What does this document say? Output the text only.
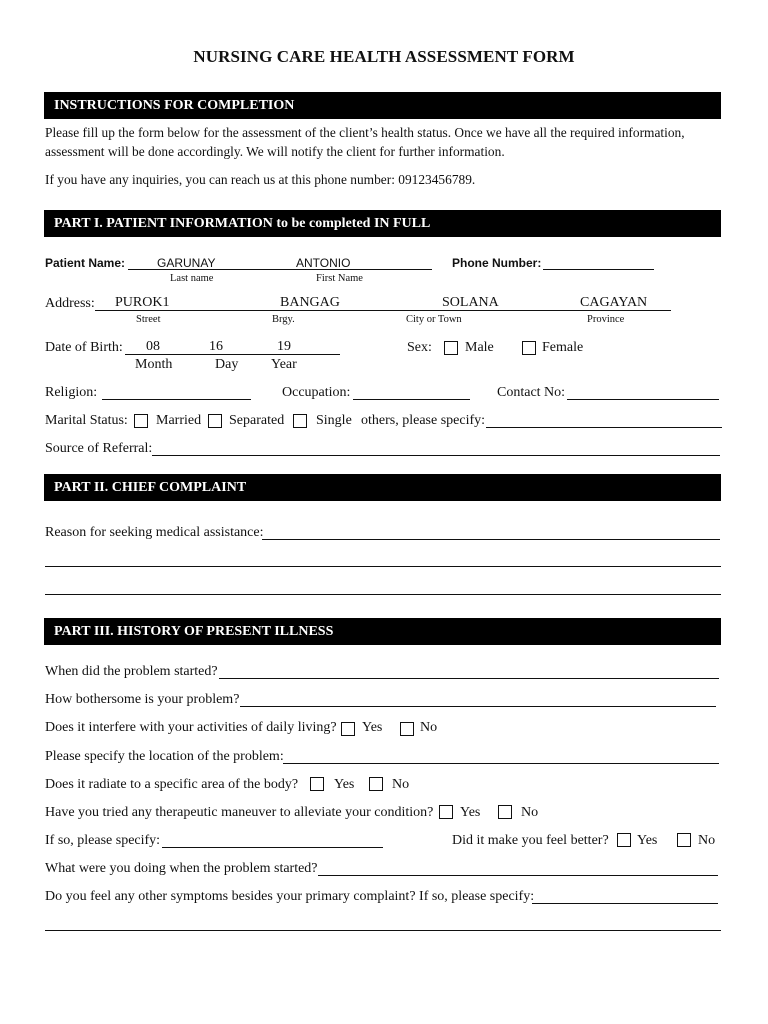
NURSING CARE HEALTH ASSESSMENT FORM
INSTRUCTIONS FOR COMPLETION
Please fill up the form below for the assessment of the client’s health status. Once we have all the required information,
assessment will be done accordingly. We will notify the client for further information.
If you have any inquiries, you can reach us at this phone number: 09123456789.
PART I. PATIENT INFORMATION to be completed IN FULL
Patient Name:	GARUNAY	ANTONIO
Last name	First Name
Phone Number:
Address: PUROK1	BANGAG	SOLANA	CAGAYAN
Street	Brgy.	City or Town	Province
Date of Birth: 08	16	19
Month	Day Year
Sex: Male	Female
Religion:	Occupation:	Contact No:
Marital Status: Married Separated Single others, please specify:
Source of Referral:
PART II. CHIEF COMPLAINT
Reason for seeking medical assistance:
PART III. HISTORY OF PRESENT ILLNESS
When did the problem started?
How bothersome is your problem?
Does it interfere with your activities of daily living? Yes	No
Please specify the location of the problem:
Does it radiate to a specific area of the body?	Yes	No
Have you tried any therapeutic maneuver to alleviate your condition? Yes	No
If so, please specify:	Did it make you feel better? Yes	No
What were you doing when the problem started?
Do you feel any other symptoms besides your primary complaint? If so, please specify:
